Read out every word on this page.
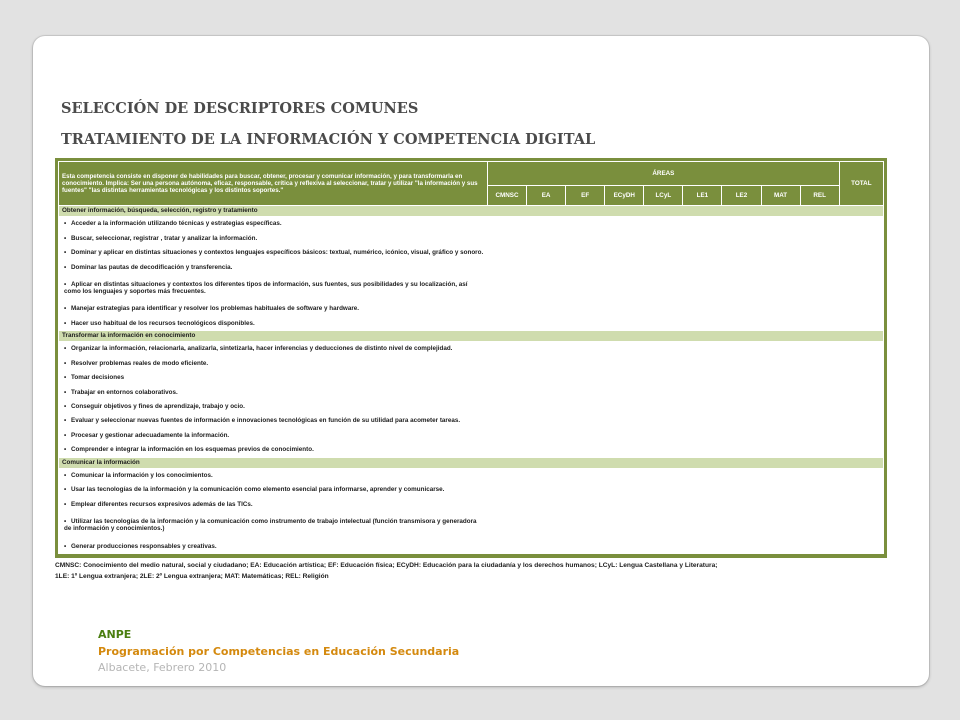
SELECCIÓN DE DESCRIPTORES COMUNES
TRATAMIENTO DE LA INFORMACIÓN Y COMPETENCIA DIGITAL
Esta competencia consiste en disponer de habilidades para buscar, obtener, procesar y comunicar información, y para transformarla en conocimiento. Implica: Ser una persona autónoma, eficaz, responsable, crítica y reflexiva al seleccionar, tratar y utilizar "la información y sus fuentes" "las distintas herramientas tecnológicas y los distintos soportes."	ÁREAS									TOTAL
	CMNSC	EA	EF	ECyDH	LCyL	LE1	LE2	MAT	REL	
Obtener información, búsqueda, selección, registro y tratamiento										
• Acceder a la información utilizando técnicas y estrategias específicas.										
• Buscar, seleccionar, registrar , tratar y analizar la información.										
• Dominar y aplicar en distintas situaciones y contextos lenguajes específicos básicos: textual, numérico, icónico, visual, gráfico y sonoro.										
• Dominar las pautas de decodificación y transferencia.										
• Aplicar en distintas situaciones y contextos los diferentes tipos de información, sus fuentes, sus posibilidades y su localización, así como los lenguajes y soportes más frecuentes.										
• Manejar estrategias para identificar y resolver los problemas habituales de software y hardware.										
• Hacer uso habitual de los recursos tecnológicos disponibles.										
Transformar la información en conocimiento										
• Organizar la información, relacionarla, analizarla, sintetizarla, hacer inferencias y deducciones de distinto nivel de complejidad.										
• Resolver problemas reales de modo eficiente.										
• Tomar decisiones										
• Trabajar en entornos colaborativos.										
• Conseguir objetivos y fines de aprendizaje, trabajo y ocio.										
• Evaluar y seleccionar nuevas fuentes de información e innovaciones tecnológicas en función de su utilidad para acometer tareas.										
• Procesar y gestionar adecuadamente la información.										
• Comprender e integrar la información en los esquemas previos de conocimiento.										
Comunicar la información										
• Comunicar la información y los conocimientos.										
• Usar las tecnologías de la información y la comunicación como elemento esencial para informarse, aprender y comunicarse.										
• Emplear diferentes recursos expresivos además de las TICs.										
• Utilizar las tecnologías de la información y la comunicación como instrumento de trabajo intelectual (función transmisora y generadora de información y conocimientos.)										
• Generar producciones responsables y creativas.										
CMNSC: Conocimiento del medio natural, social y ciudadano; EA: Educación artística; EF: Educación física; ECyDH: Educación para la ciudadanía y los derechos humanos; LCyL: Lengua Castellana y Literatura;
1LE: 1º Lengua extranjera; 2LE: 2º Lengua extranjera; MAT: Matemáticas; REL: Religión
ANPE
Programación por Competencias en Educación Secundaria
Albacete, Febrero 2010
